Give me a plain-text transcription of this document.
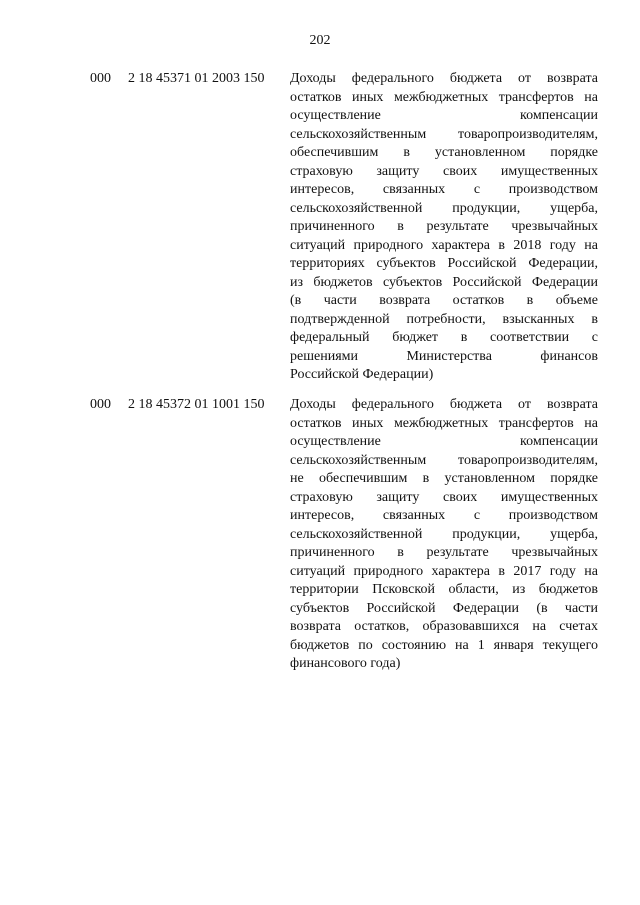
202
000 2 18 45371 01 2003 150 Доходы федерального бюджета от возврата
остатков иных межбюджетных трансфертов на
осуществление компенсации
сельскохозяйственным товаропроизводителям,
обеспечившим в установленном порядке
страховую защиту своих имущественных
интересов, связанных с производством
сельскохозяйственной продукции, ущерба,
причиненного в результате чрезвычайных
ситуаций природного характера в 2018 году на
территориях субъектов Российской Федерации,
из бюджетов субъектов Российской Федерации
(в части возврата остатков в объеме
подтвержденной потребности, взысканных в
федеральный бюджет в соответствии с
решениями Министерства финансов
Российской Федерации)
000 2 18 45372 01 1001 150 Доходы федерального бюджета от возврата
остатков иных межбюджетных трансфертов на
осуществление компенсации
сельскохозяйственным товаропроизводителям,
не обеспечившим в установленном порядке
страховую защиту своих имущественных
интересов, связанных с производством
сельскохозяйственной продукции, ущерба,
причиненного в результате чрезвычайных
ситуаций природного характера в 2017 году на
территории Псковской области, из бюджетов
субъектов Российской Федерации (в части
возврата остатков, образовавшихся на счетах
бюджетов по состоянию на 1 января текущего
финансового года)
